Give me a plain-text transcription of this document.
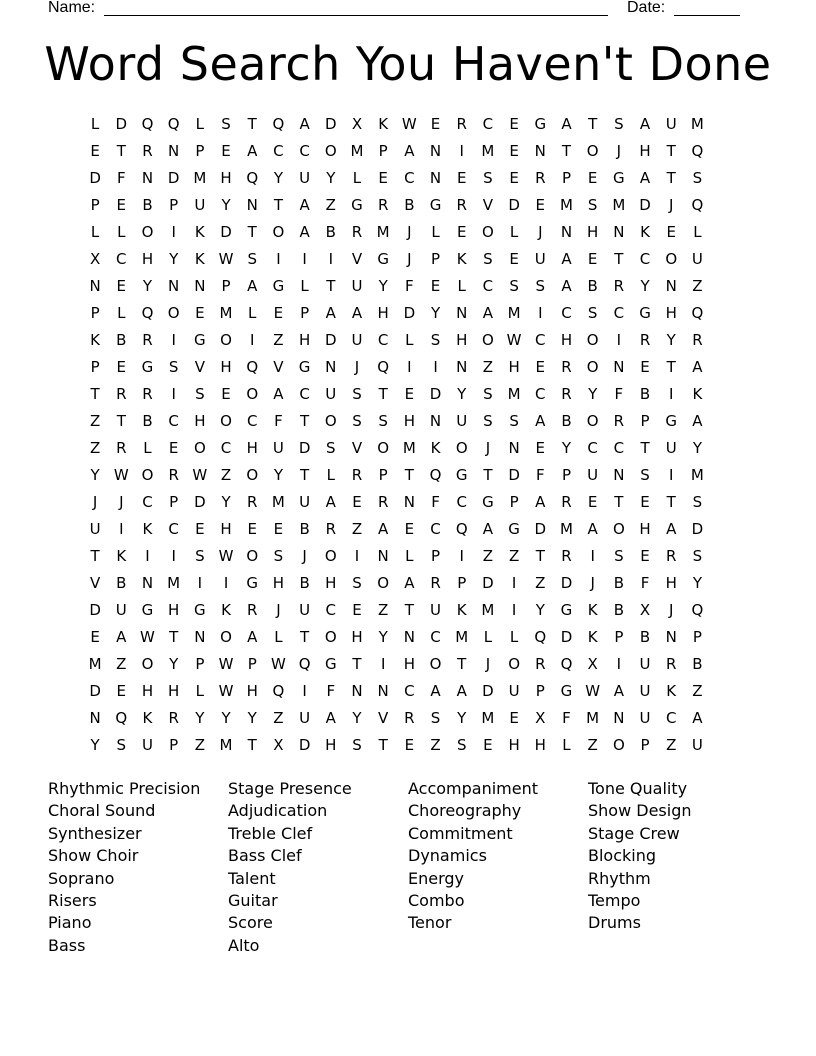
Name:	Date:
Word Search You Haven't Done
L	D Q Q	L	S	T	Q	A	D	X	K W E	R	C	E	G	A	T	S	A	U M
E	T	R	N	P	E	A	C	C	O M	P	A	N	I	M E	N	T	O	J	H	T	Q
D	F	N D M H Q	Y	U	Y	L	E	C	N	E	S	E	R	P	E	G	A	T	S
P	E	B	P	U	Y	N	T	A	Z	G	R	B	G	R	V	D	E M S M D	J	Q
L	L	O	I	K	D	T	O	A	B	R M	J	L	E	O	L	J	N H N	K	E	L
X	C	H	Y	K W S	I	I	I	V	G	J	P	K	S	E	U	A	E	T	C	O U
N	E	Y	N N	P	A	G	L	T	U	Y	F	E	L	C	S	S	A	B	R	Y	N	Z
P	L	Q O	E M	L	E	P	A	A	H D	Y	N	A M	I	C	S	C	G H Q
K	B	R	I	G O	I	Z	H D U	C	L	S	H O W C	H O	I	R	Y	R
P	E	G	S	V	H Q	V	G N	J	Q	I	I	N	Z	H	E	R	O N	E	T	A
T	R	R	I	S	E	O	A	C	U	S	T	E	D	Y	S M C	R	Y	F	B	I	K
Z	T	B	C	H O	C	F	T	O	S	S	H N	U	S	S	A	B	O	R	P	G	A
Z	R	L	E	O	C	H	U D	S	V	O M K	O	J	N	E	Y	C	C	T	U	Y
Y W O	R W Z	O	Y	T	L	R	P	T	Q G	T	D	F	P	U	N	S	I	M
J	J	C	P	D	Y	R M U	A	E	R	N	F	C	G	P	A	R	E	T	E	T	S
U	I	K	C	E	H	E	E	B	R	Z	A	E	C	Q	A	G D M A	O H	A	D
T	K	I	I	S W O	S	J	O	I	N	L	P	I	Z	Z	T	R	I	S	E	R	S
V	B	N M	I	I	G H	B	H	S	O	A	R	P	D	I	Z	D	J	B	F	H	Y
D U G H G	K	R	J	U	C	E	Z	T	U	K M	I	Y	G	K	B	X	J	Q
E	A W T	N O	A	L	T	O H	Y	N	C M	L	L	Q D	K	P	B	N	P
M Z	O	Y	P W P W Q G	T	I	H O	T	J	O	R	Q	X	I	U	R	B
D	E	H H	L W H Q	I	F	N N	C	A	A	D U	P	G W A	U	K	Z
N Q	K	R	Y	Y	Y	Z	U	A	Y	V	R	S	Y	M E	X	F	M N	U	C	A
Y	S	U	P	Z M	T	X	D H	S	T	E	Z	S	E	H H	L	Z	O	P	Z	U
Rhythmic Precision
Choral Sound
Synthesizer
Show Choir
Soprano
Risers
Piano
Bass
Stage Presence
Adjudication
Treble Clef
Bass Clef
Talent
Guitar
Score
Alto
Accompaniment
Choreography
Commitment
Dynamics
Energy
Combo
Tenor
Tone Quality
Show Design
Stage Crew
Blocking
Rhythm
Tempo
Drums
